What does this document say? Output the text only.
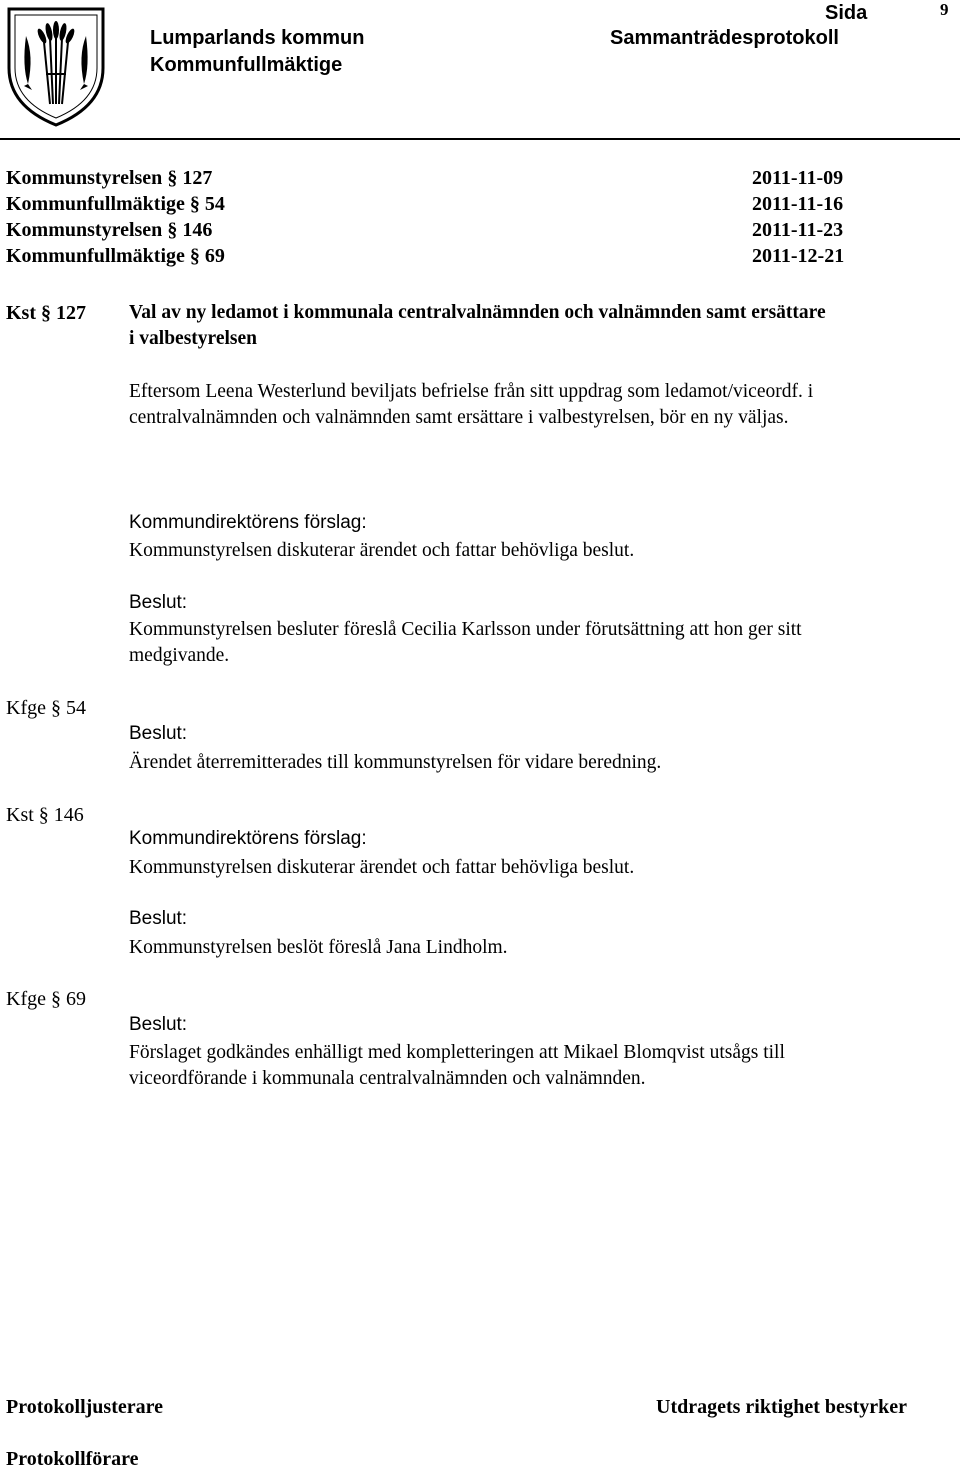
Lumparlands kommun
Kommunfullmäktige
Sammanträdesprotokoll
Sida	9
Kommunstyrelsen § 127	2011-11-09
Kommunfullmäktige § 54	2011-11-16
Kommunstyrelsen § 146	2011-11-23
Kommunfullmäktige § 69	2011-12-21
Kst § 127
Kfge § 54
Kst § 146
Kfge § 69
Val av ny ledamot i kommunala centralvalnämnden och valnämnden samt ersättare
i valbestyrelsen
Eftersom Leena Westerlund beviljats befrielse från sitt uppdrag som ledamot/viceordf. i
centralvalnämnden och valnämnden samt ersättare i valbestyrelsen, bör en ny väljas.
Kommundirektörens förslag:
Kommunstyrelsen diskuterar ärendet och fattar behövliga beslut.
Beslut:
Kommunstyrelsen besluter föreslå Cecilia Karlsson under förutsättning att hon ger sitt
medgivande.
Beslut:
Ärendet återremitterades till kommunstyrelsen för vidare beredning.
Kommundirektörens förslag:
Kommunstyrelsen diskuterar ärendet och fattar behövliga beslut.
Beslut:
Kommunstyrelsen beslöt föreslå Jana Lindholm.
Beslut:
Förslaget godkändes enhälligt med kompletteringen att Mikael Blomqvist utsågs till
viceordförande i kommunala centralvalnämnden och valnämnden.
Protokolljusterare	Utdragets riktighet bestyrker
Protokollförare
